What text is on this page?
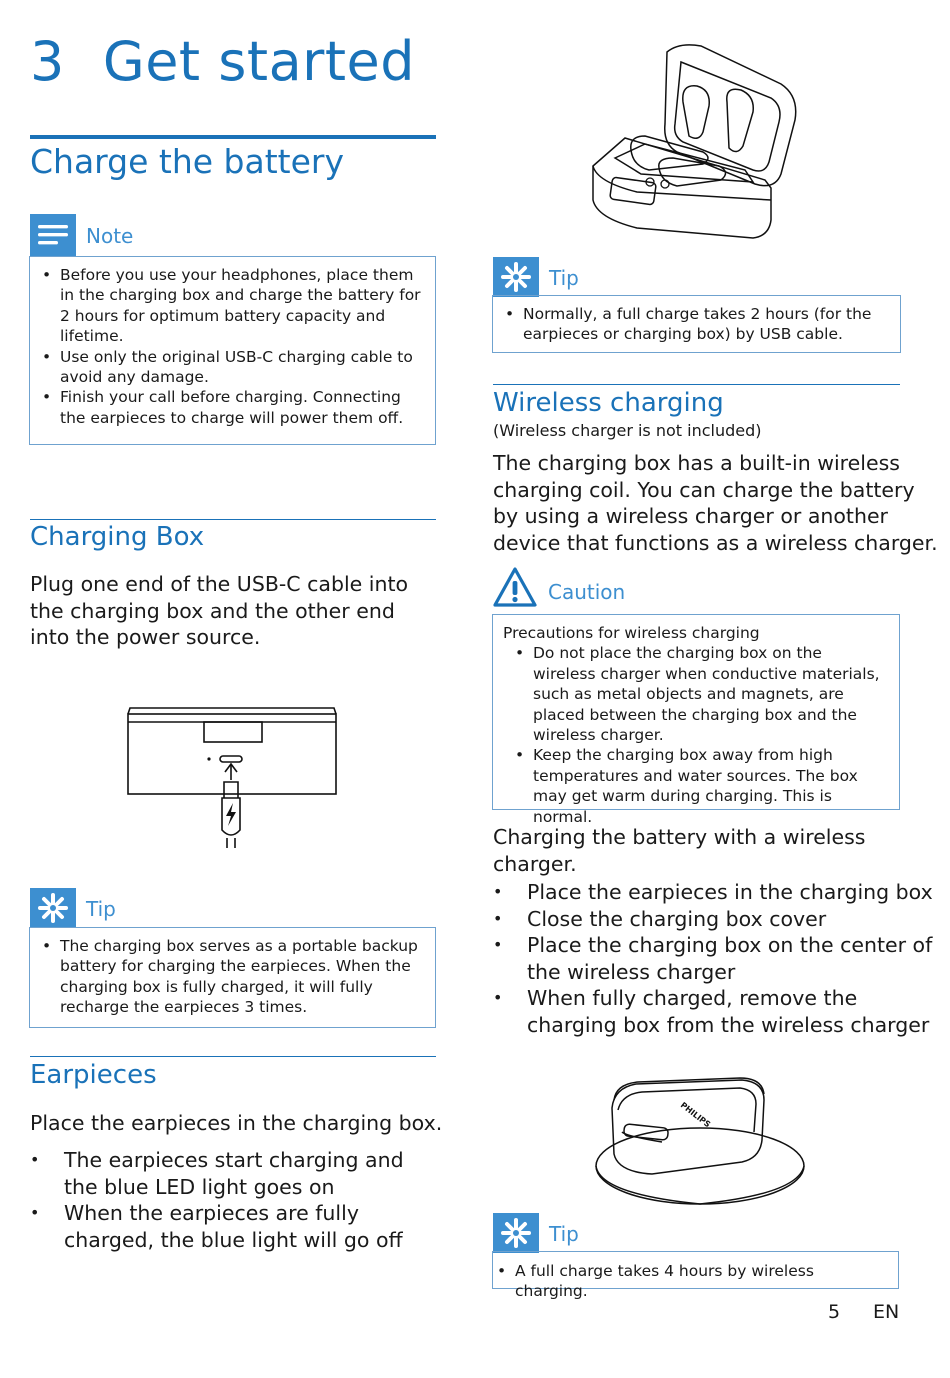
3 Get started
Charge the battery
Note
• Before you use your headphones, place them in the charging box and charge the battery for 2 hours for optimum battery capacity and lifetime.
• Use only the original USB-C charging cable to avoid any damage.
• Finish your call before charging. Connecting the earpieces to charge will power them off.
Charging Box

Plug one end of the USB-C cable into the charging box and the other end into the power source.

Tip
• The charging box serves as a portable backup battery for charging the earpieces. When the charging box is fully charged, it will fully recharge the earpieces 3 times.
Earpieces

Place the earpieces in the charging box.

• The earpieces start charging and the blue LED light goes on
• When the earpieces are fully charged, the blue light will go off
Tip
• Normally, a full charge takes 2 hours (for the earpieces or charging box) by USB cable.
Wireless charging
(Wireless charger is not included)

The charging box has a built-in wireless charging coil. You can charge the battery by using a wireless charger or another device that functions as a wireless charger.

Caution
Precautions for wireless charging
• Do not place the charging box on the wireless charger when conductive materials, such as metal objects and magnets, are placed between the charging box and the wireless charger.
• Keep the charging box away from high temperatures and water sources. The box may get warm during charging. This is normal.

Charging the battery with a wireless charger.

• Place the earpieces in the charging box
• Close the charging box cover
• Place the charging box on the center of the wireless charger
• When fully charged, remove the charging box from the wireless charger
PHILIPS
Tip
• A full charge takes 4 hours by wireless charging.
5 EN
